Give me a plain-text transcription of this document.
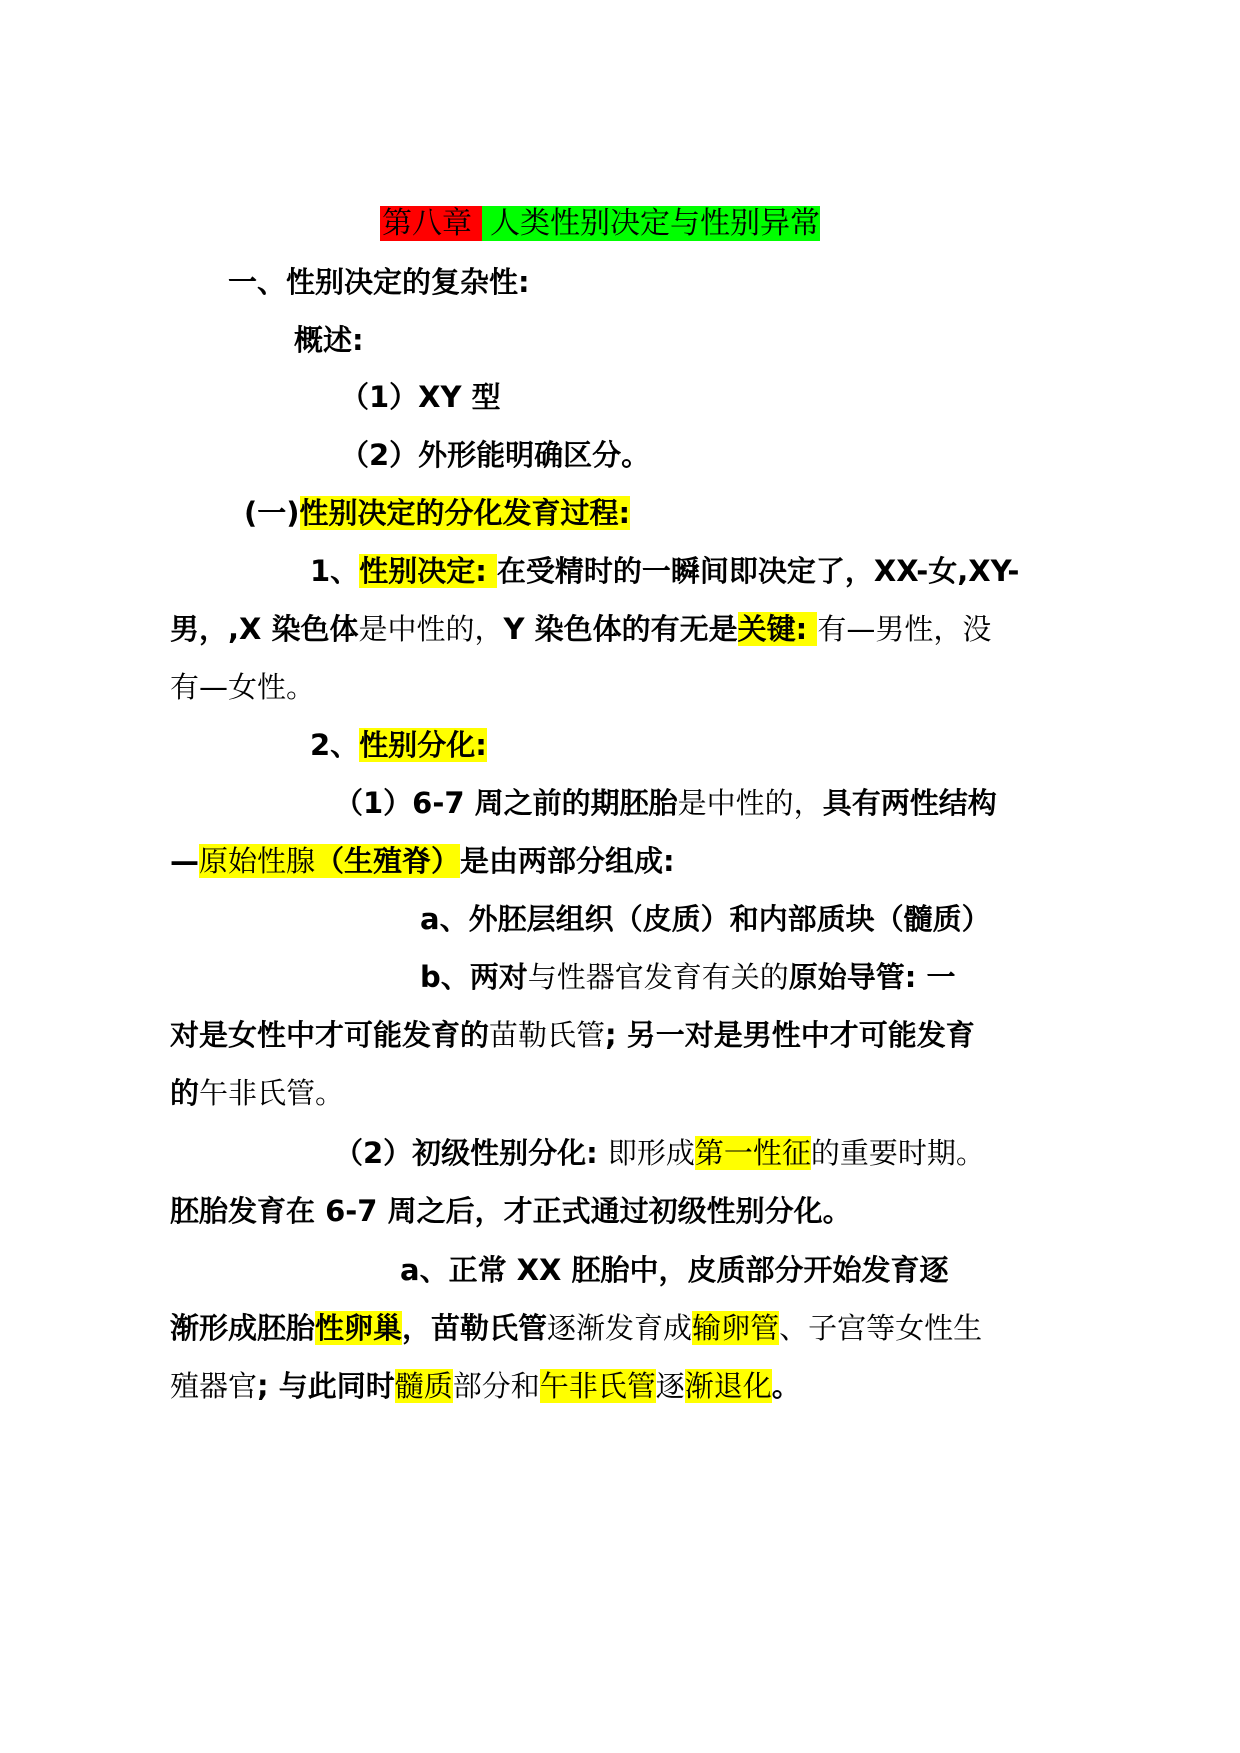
第八章 人类性别决定与性别异常
一、性别决定的复杂性:
概述:
（1）XY 型
（2）外形能明确区分。
(一)性别决定的分化发育过程:
1、性别决定: 在受精时的一瞬间即决定了，XX-女,XY-
男，,X 染色体是中性的，Y 染色体的有无是关键: 有—男性，没
有—女性。
2、性别分化:
（1）6-7 周之前的期胚胎是中性的，具有两性结构
—原始性腺（生殖脊）是由两部分组成:
a、外胚层组织（皮质）和内部质块（髓质）
b、两对与性器官发育有关的原始导管: 一
对是女性中才可能发育的苗勒氏管; 另一对是男性中才可能发育
的午非氏管。
（2）初级性别分化: 即形成第一性征的重要时期。
胚胎发育在 6-7 周之后，才正式通过初级性别分化。
a、正常 XX 胚胎中，皮质部分开始发育逐
渐形成胚胎性卵巢，苗勒氏管逐渐发育成输卵管、子宫等女性生
殖器官; 与此同时髓质部分和午非氏管逐渐退化。
